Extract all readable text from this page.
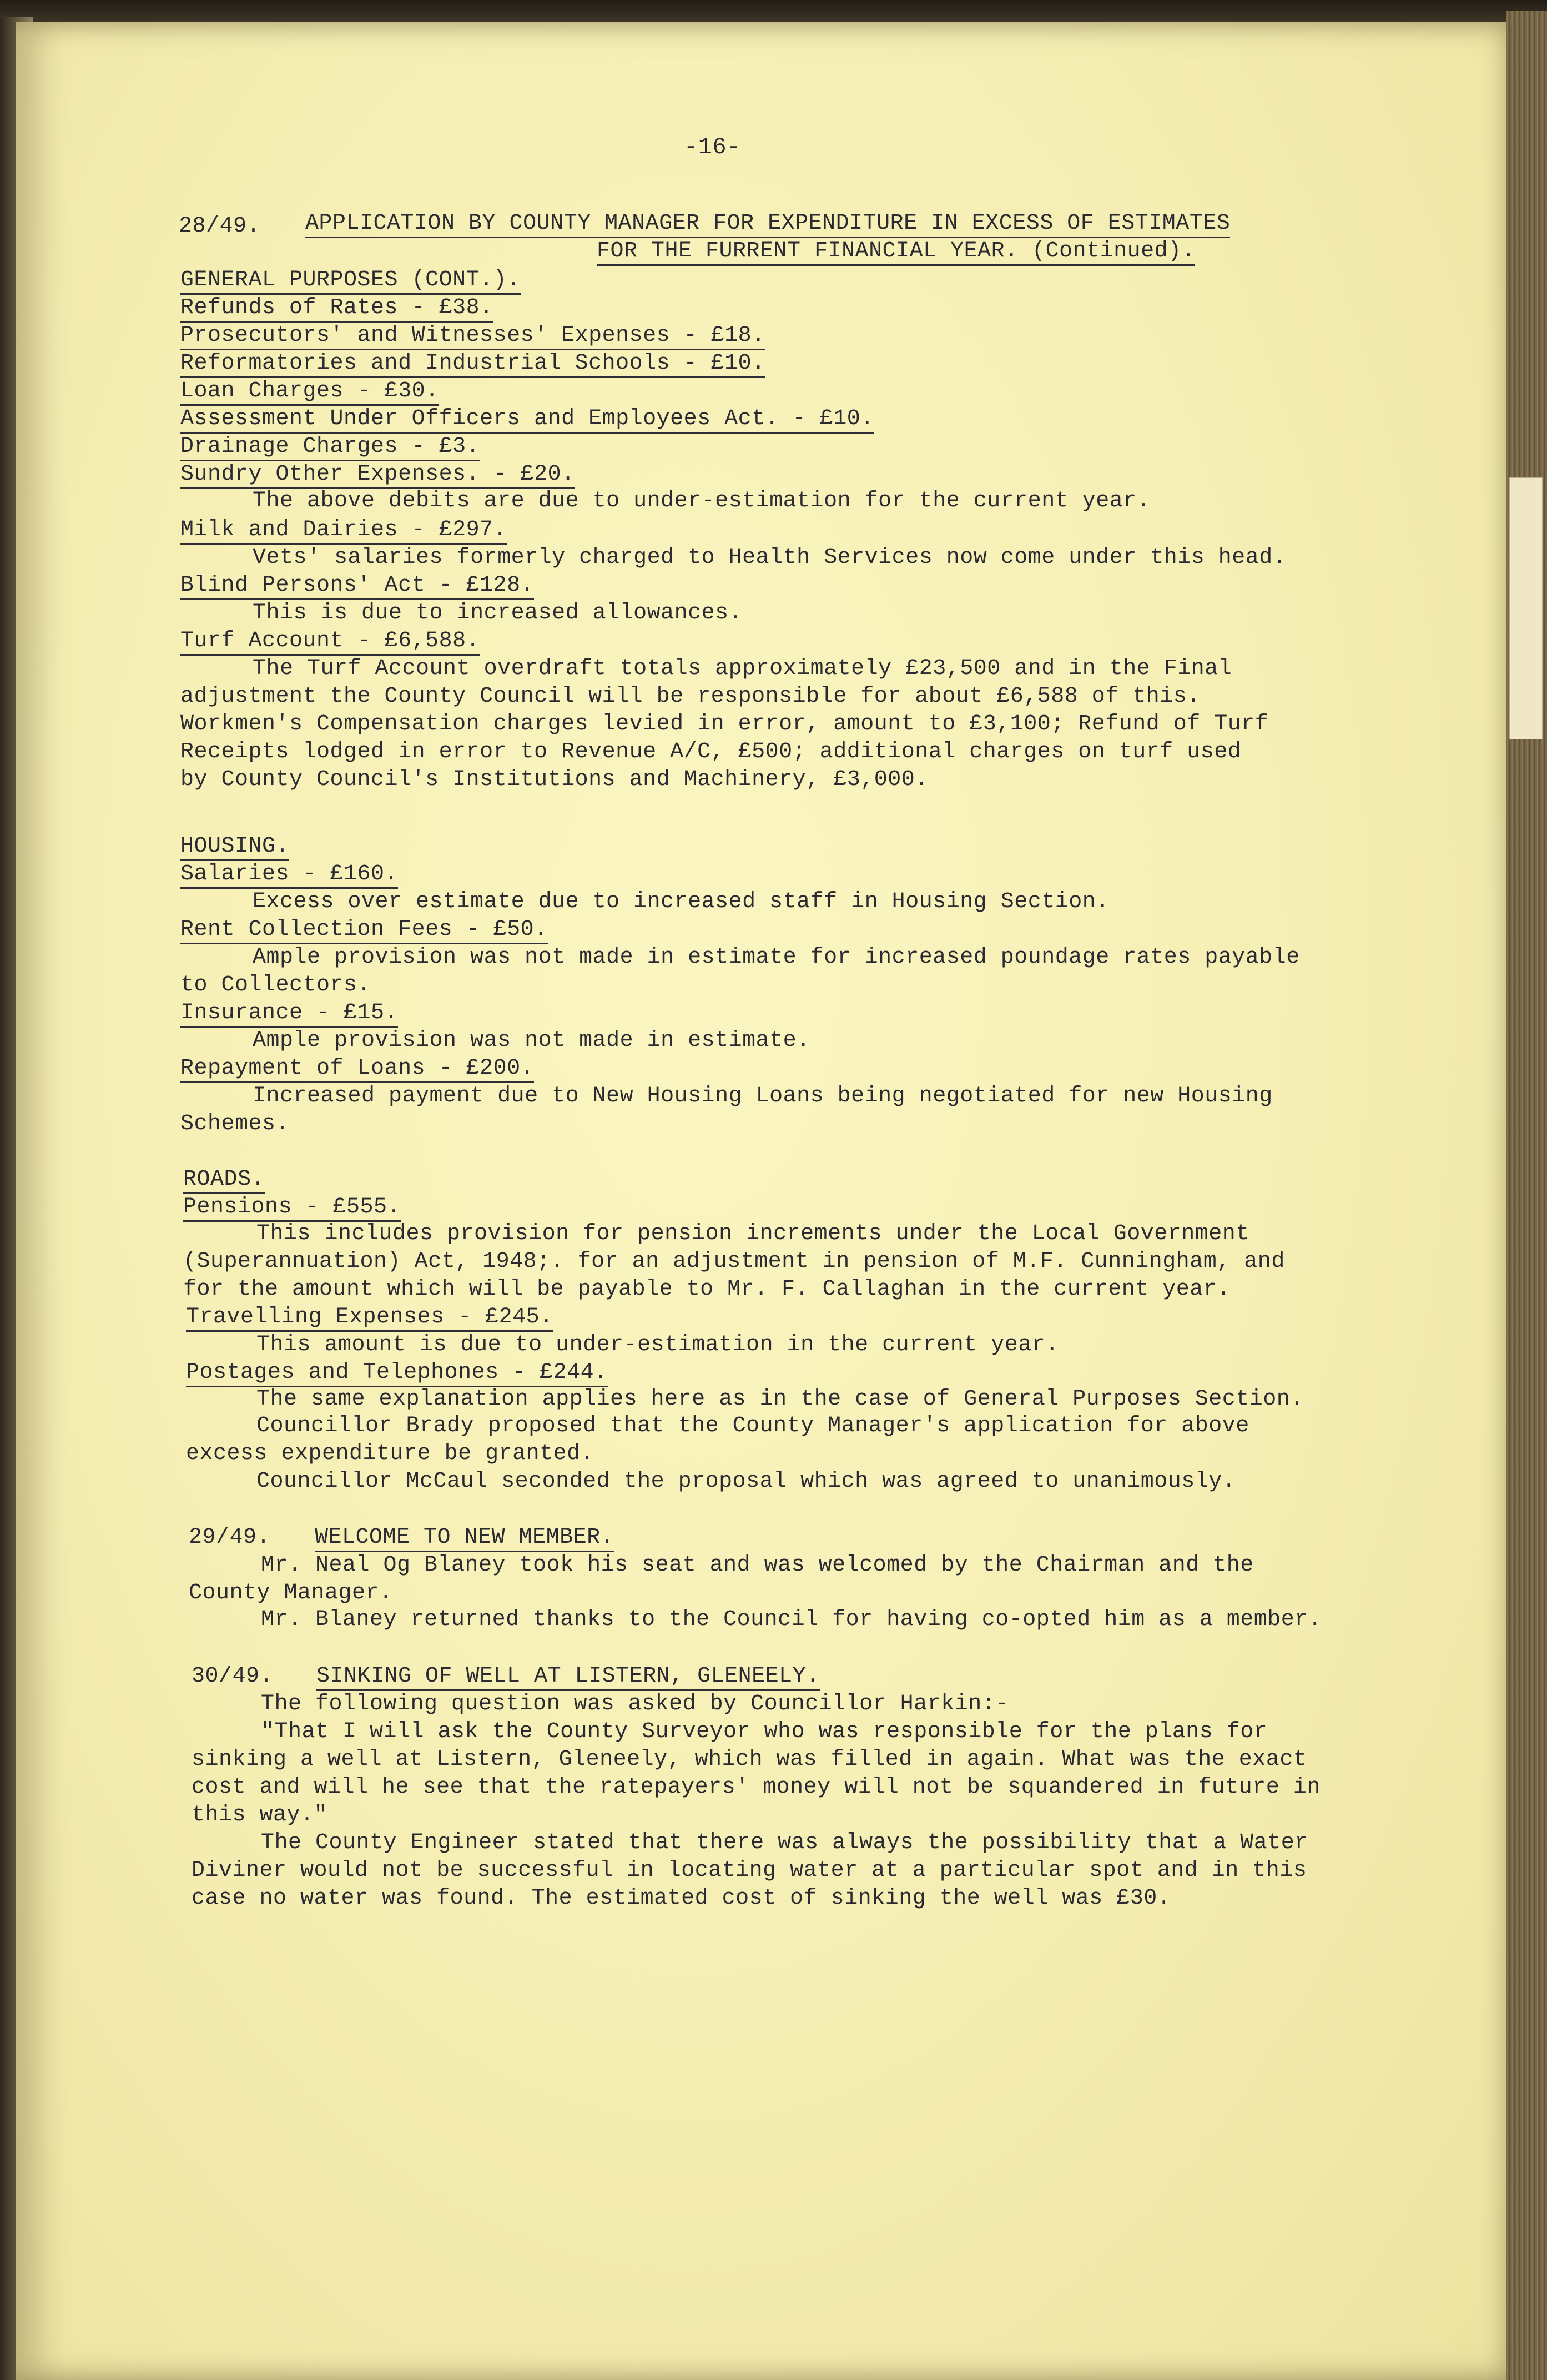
-16-
28/49. APPLICATION BY COUNTY MANAGER FOR EXPENDITURE IN EXCESS OF ESTIMATES
FOR THE FURRENT FINANCIAL YEAR. (Continued).
GENERAL PURPOSES (CONT.).
Refunds of Rates - £38.
Prosecutors' and Witnesses' Expenses - £18.
Reformatories and Industrial Schools - £10.
Loan Charges - £30.
Assessment Under Officers and Employees Act. - £10.
Drainage Charges - £3.
Sundry Other Expenses. - £20.
The above debits are due to under-estimation for the current year.
Milk and Dairies - £297.
Vets' salaries formerly charged to Health Services now come under this head.
Blind Persons' Act - £128.
This is due to increased allowances.
Turf Account - £6,588.
The Turf Account overdraft totals approximately £23,500 and in the Final
adjustment the County Council will be responsible for about £6,588 of this.
Workmen's Compensation charges levied in error, amount to £3,100; Refund of Turf
Receipts lodged in error to Revenue A/C, £500; additional charges on turf used
by County Council's Institutions and Machinery, £3,000.
HOUSING.
Salaries - £160.
Excess over estimate due to increased staff in Housing Section.
Rent Collection Fees - £50.
Ample provision was not made in estimate for increased poundage rates payable
to Collectors.
Insurance - £15.
Ample provision was not made in estimate.
Repayment of Loans - £200.
Increased payment due to New Housing Loans being negotiated for new Housing
Schemes.
ROADS.
Pensions - £555.
This includes provision for pension increments under the Local Government
(Superannuation) Act, 1948;. for an adjustment in pension of M.F. Cunningham, and
for the amount which will be payable to Mr. F. Callaghan in the current year.
Travelling Expenses - £245.
This amount is due to under-estimation in the current year.
Postages and Telephones - £244.
The same explanation applies here as in the case of General Purposes Section.
Councillor Brady proposed that the County Manager's application for above
excess expenditure be granted.
Councillor McCaul seconded the proposal which was agreed to unanimously.
29/49. WELCOME TO NEW MEMBER.
Mr. Neal Og Blaney took his seat and was welcomed by the Chairman and the
County Manager.
Mr. Blaney returned thanks to the Council for having co-opted him as a member.
30/49. SINKING OF WELL AT LISTERN, GLENEELY.
The following question was asked by Councillor Harkin:-
"That I will ask the County Surveyor who was responsible for the plans for
sinking a well at Listern, Gleneely, which was filled in again. What was the exact
cost and will he see that the ratepayers' money will not be squandered in future in
this way."
The County Engineer stated that there was always the possibility that a Water
Diviner would not be successful in locating water at a particular spot and in this
case no water was found. The estimated cost of sinking the well was £30.
